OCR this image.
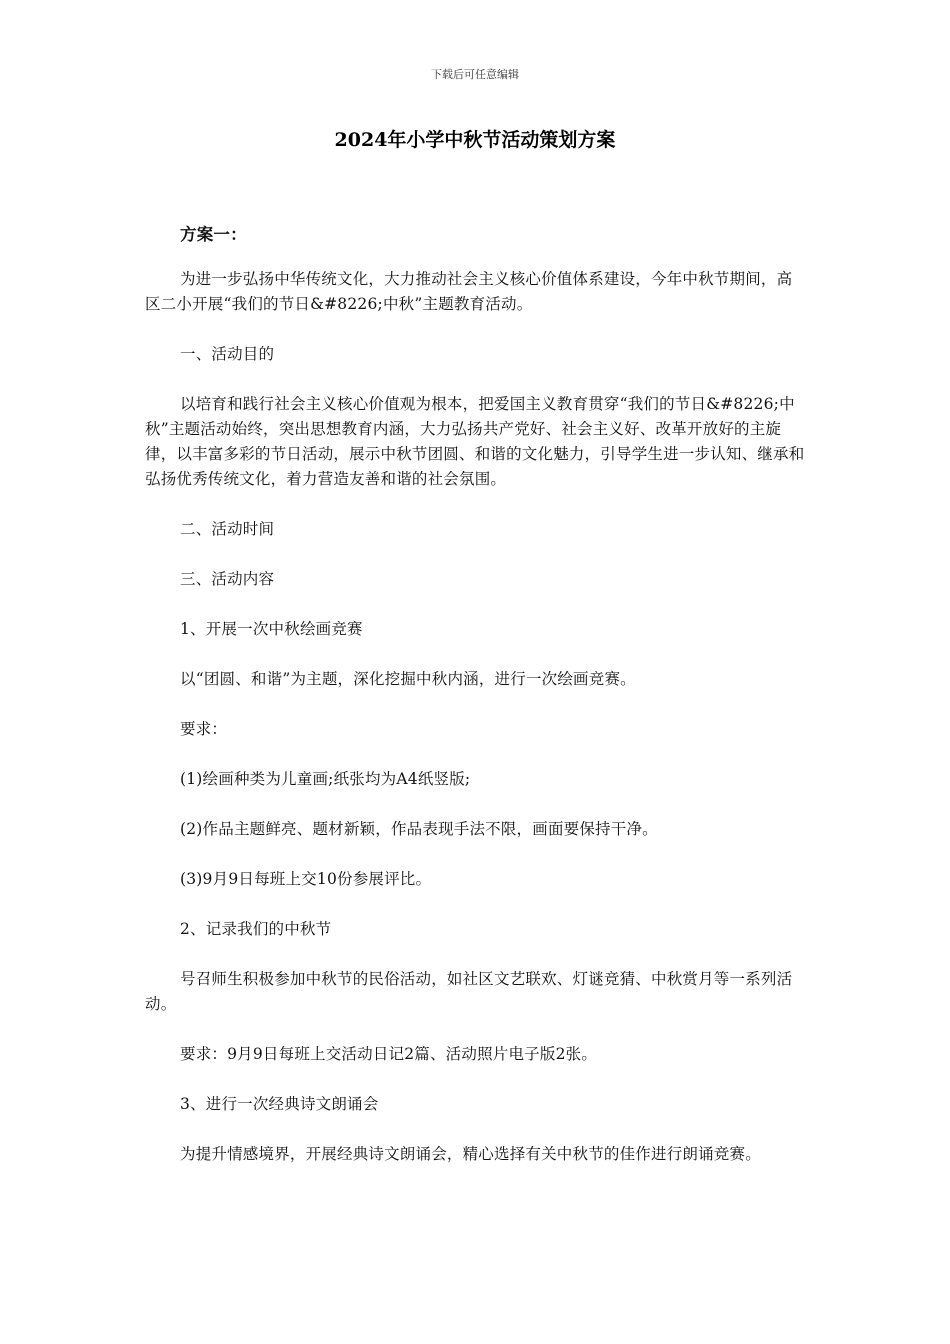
下载后可任意编辑
2024年小学中秋节活动策划方案

方案一：

为进一步弘扬中华传统文化，大力推动社会主义核心价值体系建设，今年中秋节期间，高区二小开展“我们的节日&#8226;中秋”主题教育活动。

一、活动目的

以培育和践行社会主义核心价值观为根本，把爱国主义教育贯穿“我们的节日&#8226;中秋”主题活动始终，突出思想教育内涵，大力弘扬共产党好、社会主义好、改革开放好的主旋律，以丰富多彩的节日活动，展示中秋节团圆、和谐的文化魅力，引导学生进一步认知、继承和弘扬优秀传统文化，着力营造友善和谐的社会氛围。

二、活动时间

三、活动内容

1、开展一次中秋绘画竞赛

以“团圆、和谐”为主题，深化挖掘中秋内涵，进行一次绘画竞赛。

要求：

(1)绘画种类为儿童画;纸张均为A4纸竖版;

(2)作品主题鲜亮、题材新颖，作品表现手法不限，画面要保持干净。

(3)9月9日每班上交10份参展评比。

2、记录我们的中秋节

号召师生积极参加中秋节的民俗活动，如社区文艺联欢、灯谜竞猜、中秋赏月等一系列活动。

要求：9月9日每班上交活动日记2篇、活动照片电子版2张。

3、进行一次经典诗文朗诵会

为提升情感境界，开展经典诗文朗诵会，精心选择有关中秋节的佳作进行朗诵竞赛。
